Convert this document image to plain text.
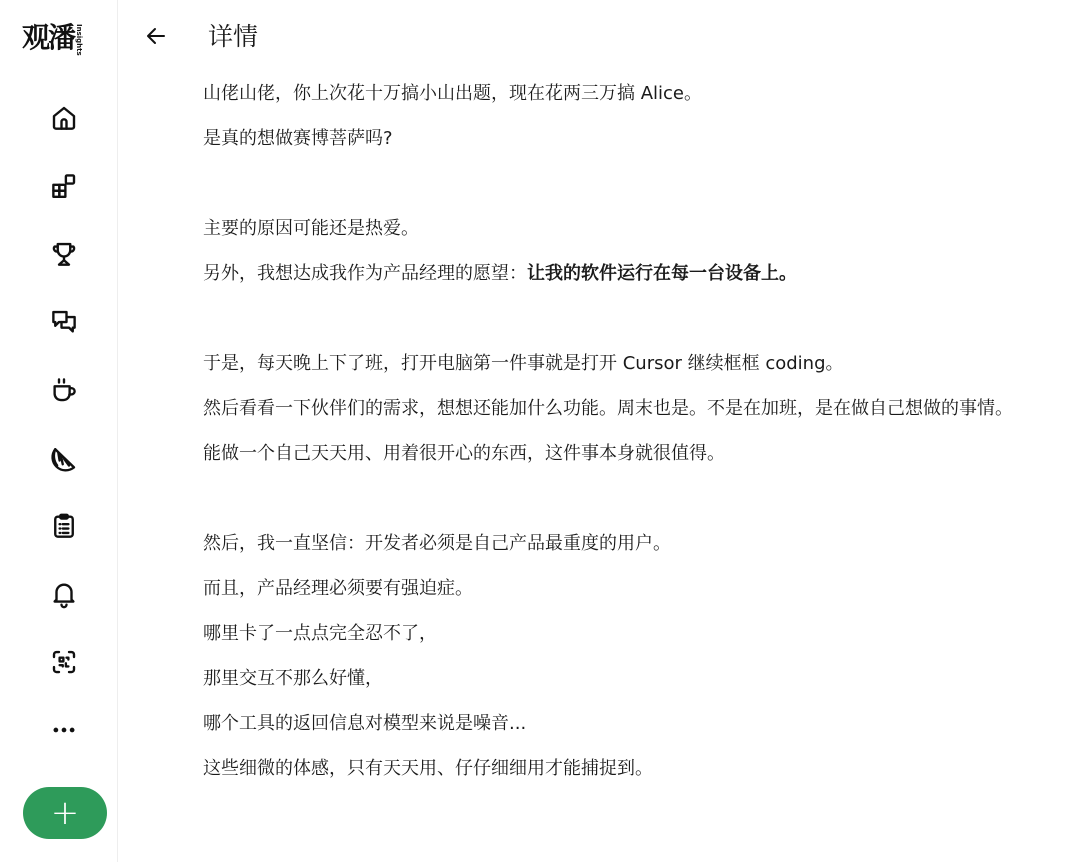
观潘 Insights
+
详情

山佬山佬，你上次花十万搞小山出题，现在花两三万搞 Alice。

是真的想做赛博菩萨吗?

主要的原因可能还是热爱。

另外，我想达成我作为产品经理的愿望：让我的软件运行在每一台设备上。

于是，每天晚上下了班，打开电脑第一件事就是打开 Cursor 继续框框 coding。

然后看看一下伙伴们的需求，想想还能加什么功能。周末也是。不是在加班，是在做自己想做的事情。

能做一个自己天天用、用着很开心的东西，这件事本身就很值得。

然后，我一直坚信：开发者必须是自己产品最重度的用户。

而且，产品经理必须要有强迫症。

哪里卡了一点点完全忍不了，

那里交互不那么好懂，

哪个工具的返回信息对模型来说是噪音...

这些细微的体感，只有天天用、仔仔细细用才能捕捉到。
